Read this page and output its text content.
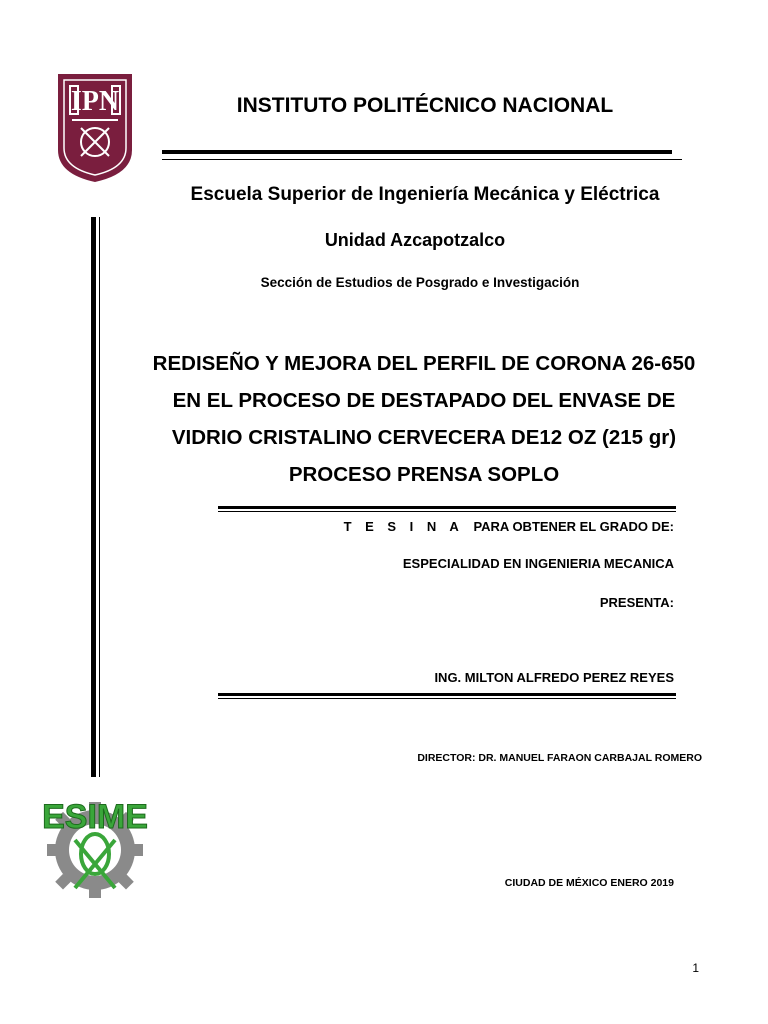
IPN	INSTITUTO POLITÉCNICO NACIONAL
Escuela Superior de Ingeniería Mecánica y Eléctrica
Unidad Azcapotzalco
Sección de Estudios de Posgrado e Investigación
REDISEÑO Y MEJORA DEL PERFIL DE CORONA 26-650
EN EL PROCESO DE DESTAPADO DEL ENVASE DE
VIDRIO CRISTALINO CERVECERA DE12 OZ (215 gr)
PROCESO PRENSA SOPLO
T E S I N A PARA OBTENER EL GRADO DE:
ESPECIALIDAD EN INGENIERIA MECANICA
PRESENTA:
ING. MILTON ALFREDO PEREZ REYES
DIRECTOR: DR. MANUEL FARAON CARBAJAL ROMERO
ESIME
CIUDAD DE MÉXICO ENERO 2019
1
